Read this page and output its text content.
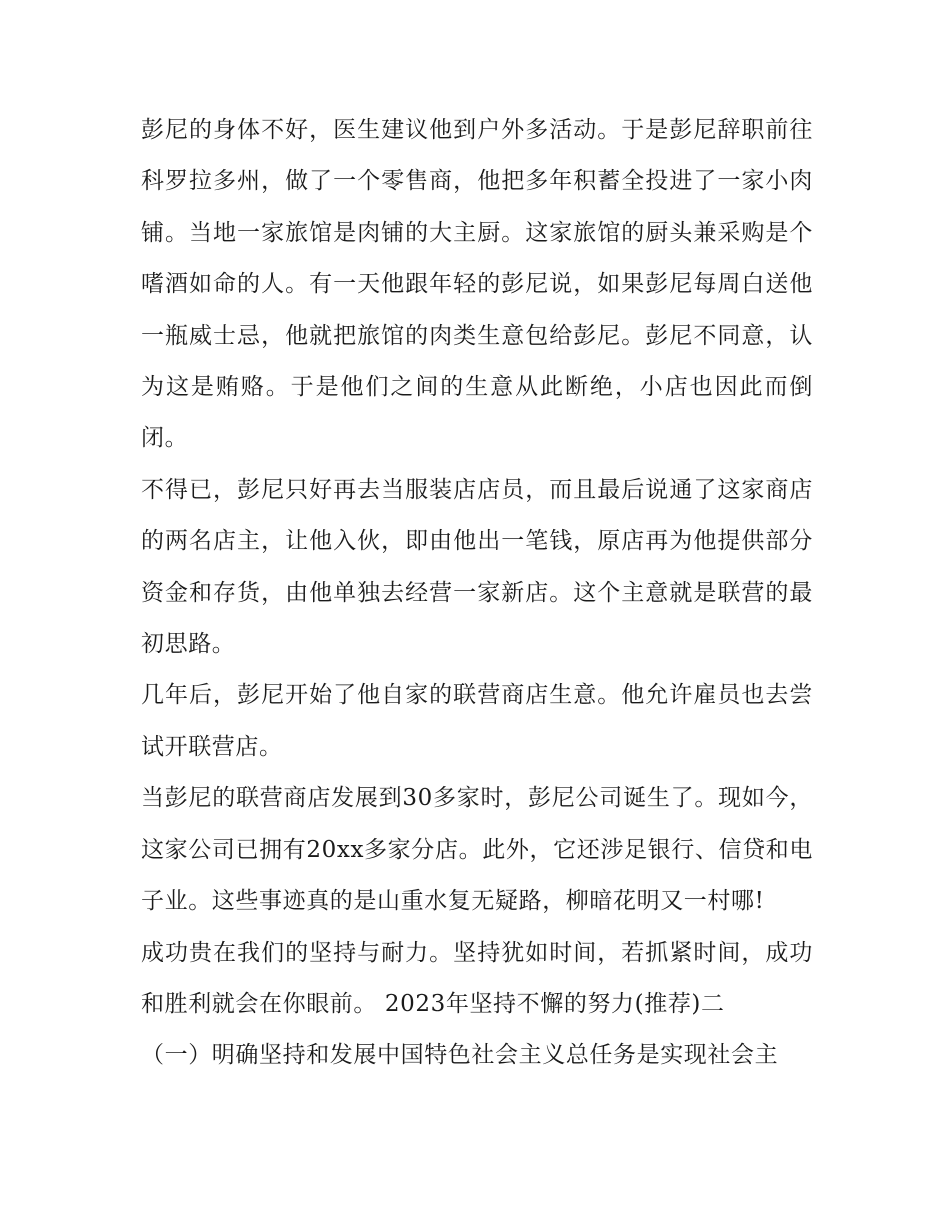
彭尼的身体不好，医生建议他到户外多活动。于是彭尼辞职前往科罗拉多州，做了一个零售商，他把多年积蓄全投进了一家小肉铺。当地一家旅馆是肉铺的大主厨。这家旅馆的厨头兼采购是个嗜酒如命的人。有一天他跟年轻的彭尼说，如果彭尼每周白送他一瓶威士忌，他就把旅馆的肉类生意包给彭尼。彭尼不同意，认为这是贿赂。于是他们之间的生意从此断绝，小店也因此而倒闭。

不得已，彭尼只好再去当服装店店员，而且最后说通了这家商店的两名店主，让他入伙，即由他出一笔钱，原店再为他提供部分资金和存货，由他单独去经营一家新店。这个主意就是联营的最初思路。

几年后，彭尼开始了他自家的联营商店生意。他允许雇员也去尝试开联营店。

当彭尼的联营商店发展到30多家时，彭尼公司诞生了。现如今，这家公司已拥有20xx多家分店。此外，它还涉足银行、信贷和电子业。这些事迹真的是山重水复无疑路，柳暗花明又一村哪!

成功贵在我们的坚持与耐力。坚持犹如时间，若抓紧时间，成功和胜利就会在你眼前。 2023年坚持不懈的努力(推荐)二

（一）明确坚持和发展中国特色社会主义总任务是实现社会主
